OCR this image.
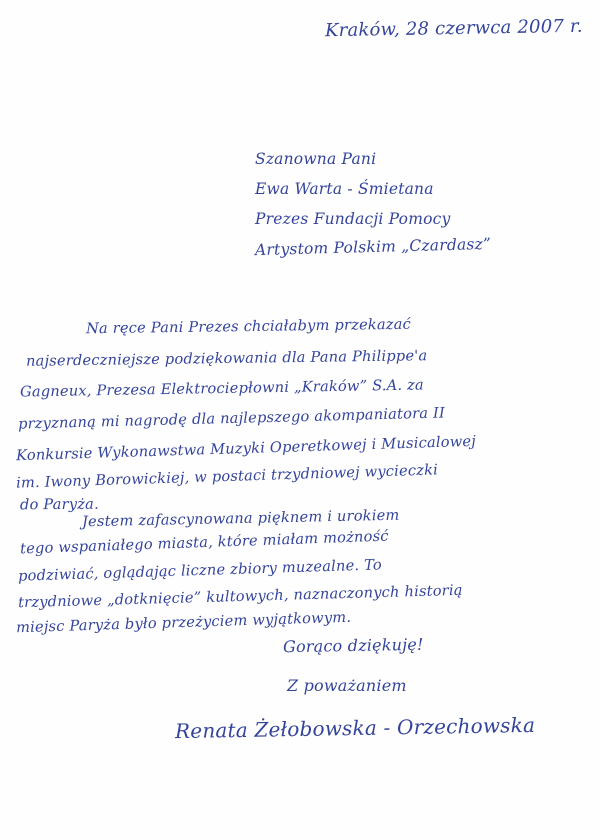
Kraków, 28 czerwca 2007 r.
Szanowna Pani
Ewa Warta - Śmietana
Prezes Fundacji Pomocy
Artystom Polskim „Czardasz”
Na ręce Pani Prezes chciałabym przekazać
najserdeczniejsze podziękowania dla Pana Philippe'a
Gagneux, Prezesa Elektrociepłowni „Kraków” S.A. za
przyznaną mi nagrodę dla najlepszego akompaniatora II
Konkursie Wykonawstwa Muzyki Operetkowej i Musicalowej
im. Iwony Borowickiej, w postaci trzydniowej wycieczki
do Paryża.
Jestem zafascynowana pięknem i urokiem
tego wspaniałego miasta, które miałam możność
podziwiać, oglądając liczne zbiory muzealne. To
trzydniowe „dotknięcie” kultowych, naznaczonych historią
miejsc Paryża było przeżyciem wyjątkowym.
Gorąco dziękuję!
Z poważaniem
Renata Żełobowska - Orzechowska
